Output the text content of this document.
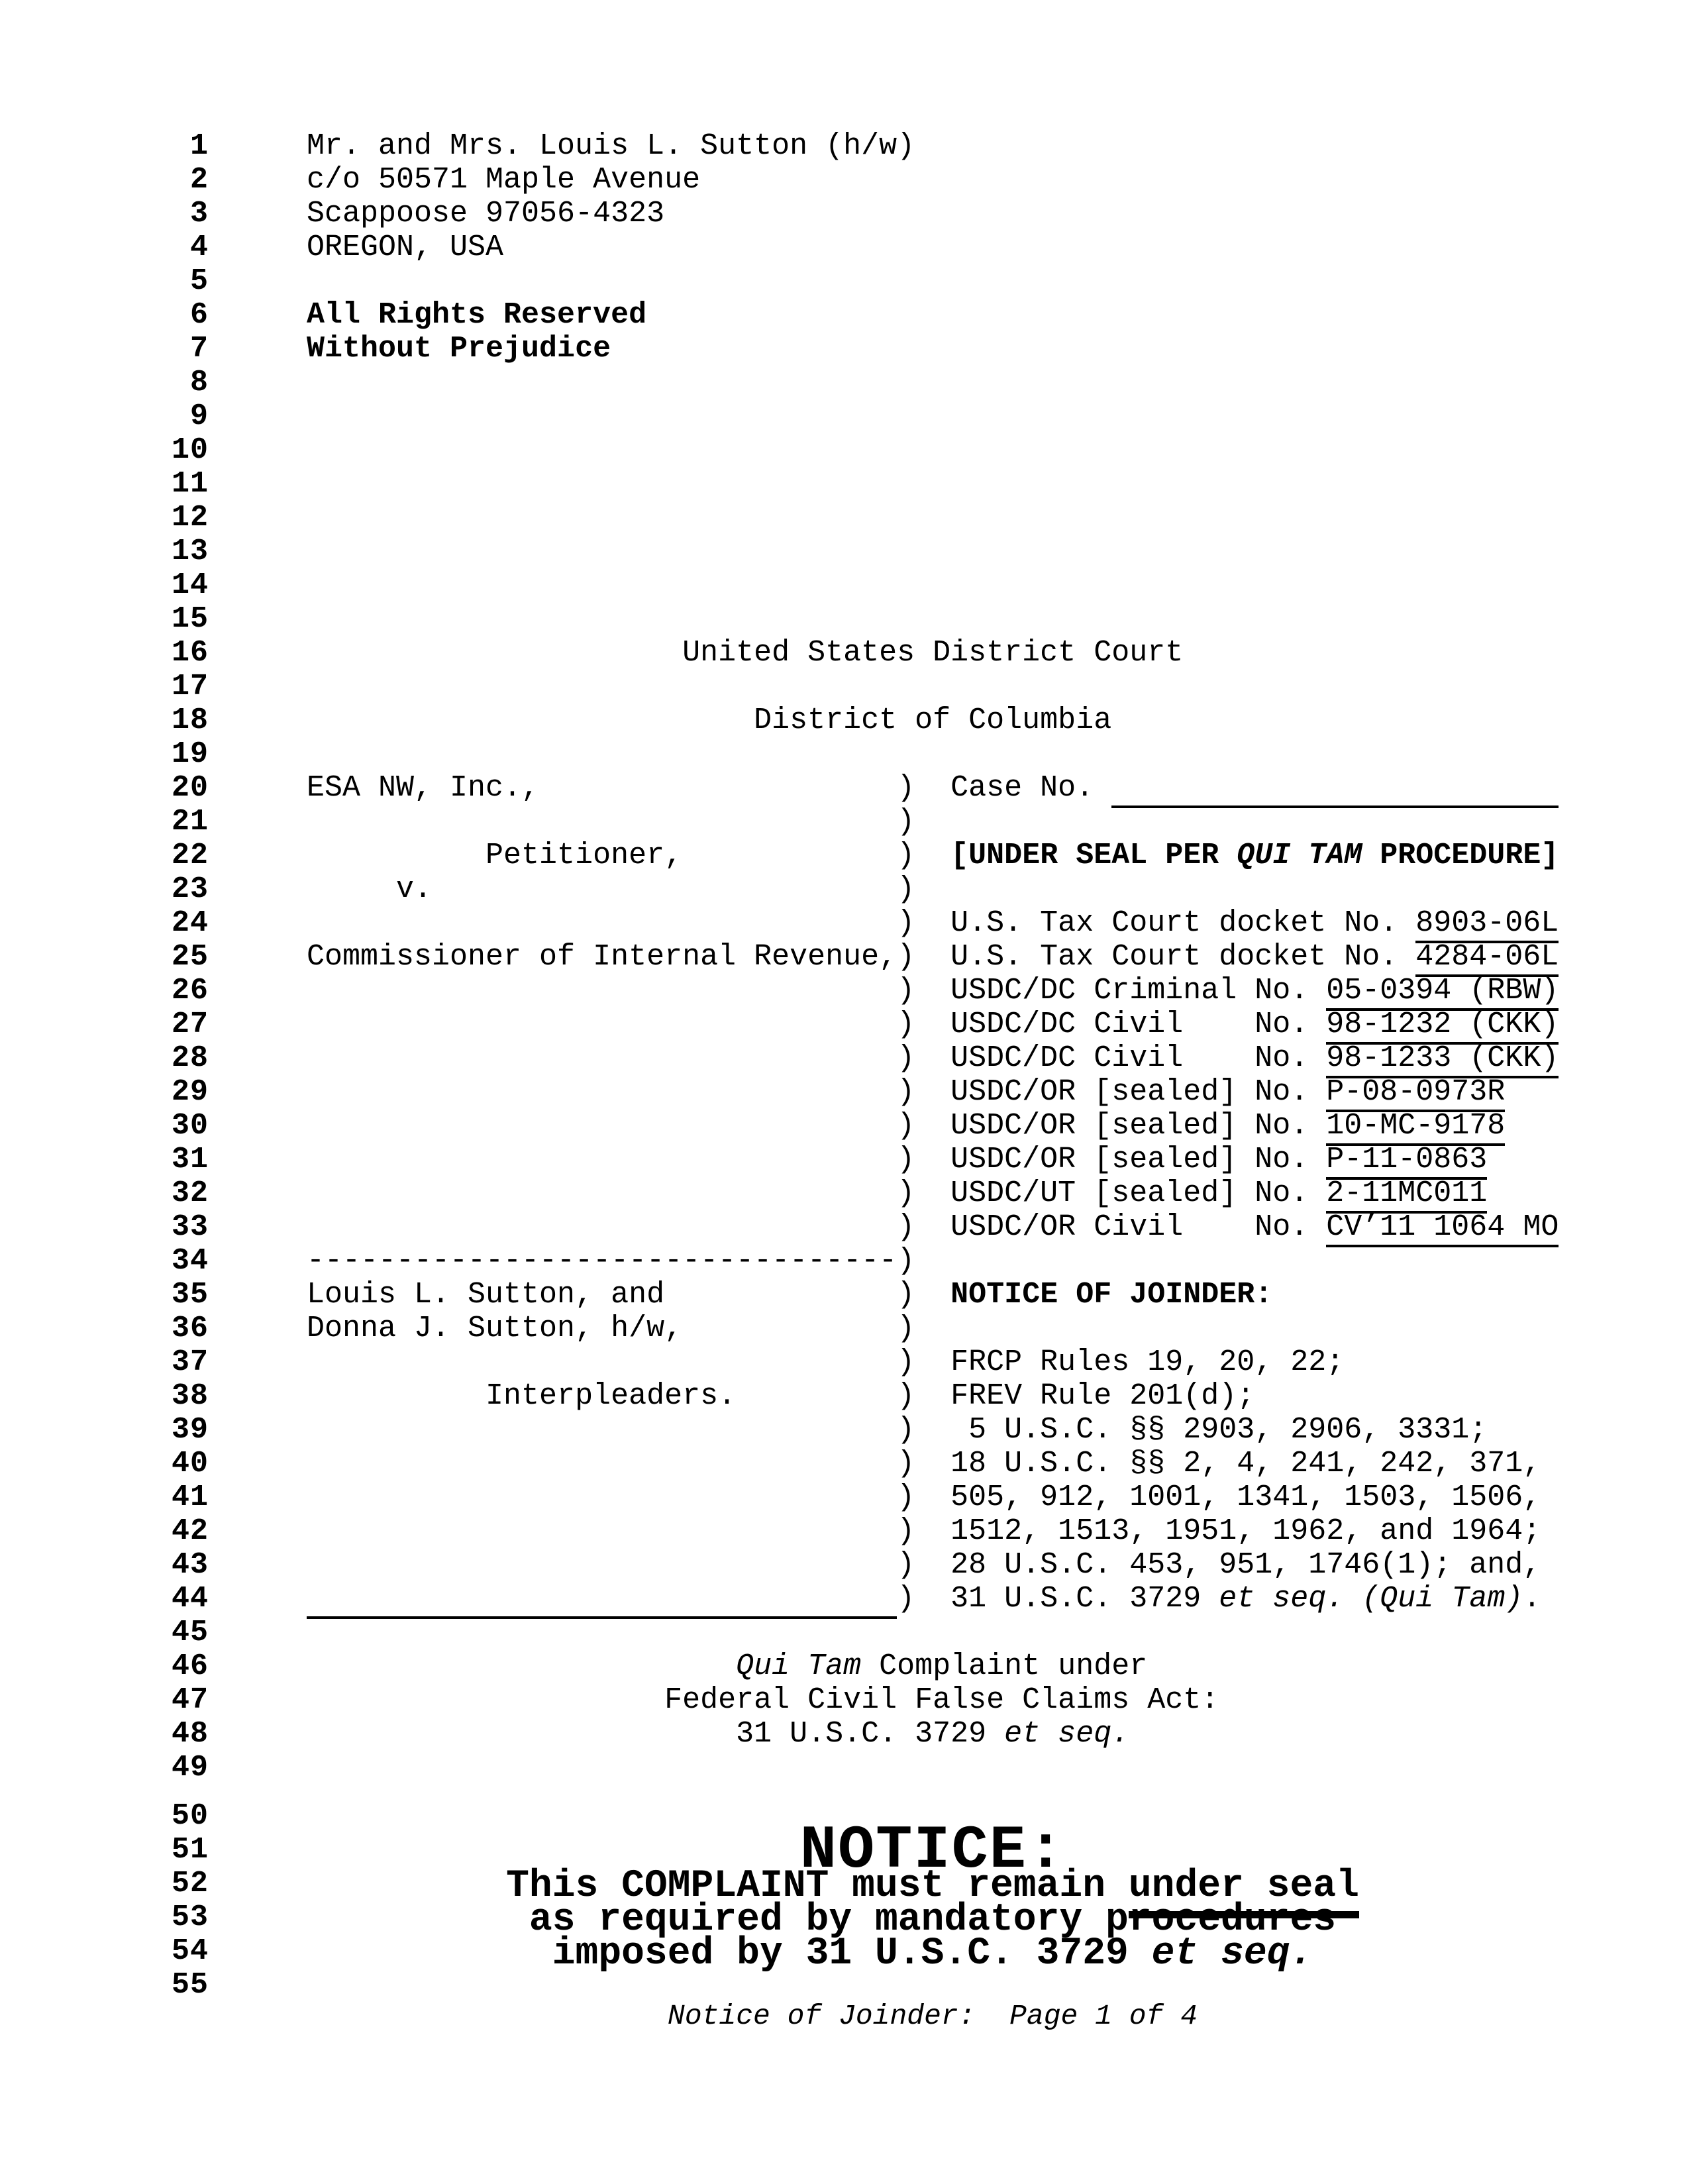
1	Mr. and Mrs. Louis L. Sutton (h/w)
2	c/o 50571 Maple Avenue
3	Scappoose 97056-4323
4	OREGON, USA
5
6	All Rights Reserved
7	Without Prejudice
8
9
10
11
12
13
14
15
16	United States District Court
17
18	District of Columbia
19
20	ESA NW, Inc.,                    )  Case No.
21	)
22	Petitioner,            )  [UNDER SEAL PER QUI TAM PROCEDURE]
23	v.                          )
24	)  U.S. Tax Court docket No. 8903-06L
25	Commissioner of Internal Revenue,)  U.S. Tax Court docket No. 4284-06L
26	)  USDC/DC Criminal No. 05-0394 (RBW)
27	)  USDC/DC Civil    No. 98-1232 (CKK)
28	)  USDC/DC Civil    No. 98-1233 (CKK)
29	)  USDC/OR [sealed] No. P-08-0973R
30	)  USDC/OR [sealed] No. 10-MC-9178
31	)  USDC/OR [sealed] No. P-11-0863
32	)  USDC/UT [sealed] No. 2-11MC011
33	)  USDC/OR Civil    No. CV’11 1064 MO
34	---------------------------------)
35	Louis L. Sutton, and             )  NOTICE OF JOINDER:
36	Donna J. Sutton, h/w,            )
37	)  FRCP Rules 19, 20, 22;
38	Interpleaders.         )  FREV Rule 201(d);
39	)   5 U.S.C. §§ 2903, 2906, 3331;
40	)  18 U.S.C. §§ 2, 4, 241, 242, 371,
41	)  505, 912, 1001, 1341, 1503, 1506,
42	)  1512, 1513, 1951, 1962, and 1964;
43	)  28 U.S.C. 453, 951, 1746(1); and,
44	)  31 U.S.C. 3729 et seq. (Qui Tam).
45
46	Qui Tam Complaint under
47	Federal Civil False Claims Act:
48	31 U.S.C. 3729 et seq.
49
50	NOTICE:
51
52	This COMPLAINT must remain under seal
53	as required by mandatory procedures
54	imposed by 31 U.S.C. 3729 et seq.
55
Notice of Joinder:  Page 1 of 4
